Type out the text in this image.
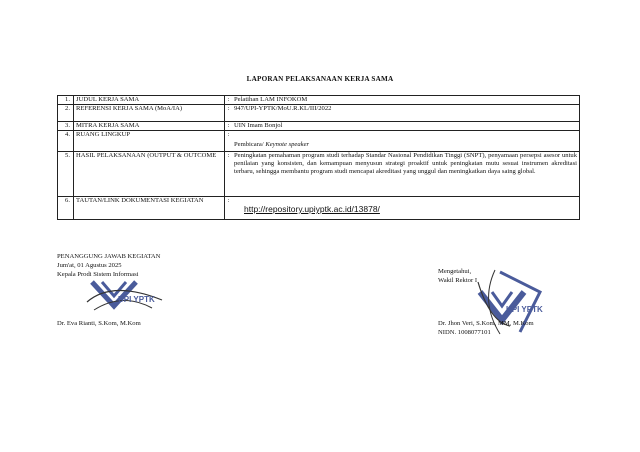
LAPORAN PELAKSANAAN KERJA SAMA
1.	JUDUL KERJA SAMA	:	Pelatihan LAM INFOKOM
2.	REFERENSI KERJA SAMA (MoA/IA)	:	947/UPI-YPTK/MoU.R.KL/III/2022
3.	MITRA KERJA SAMA	:	UIN Imam Bonjol
4.	RUANG LINGKUP	:	Pembicara/ Keynote speaker
5.	HASIL PELAKSANAAN (OUTPUT & OUTCOME	:	Peningkatan pemahaman program studi terhadap Standar Nasional Pendidikan Tinggi (SNPT), penyamaan persepsi asesor untuk penilaian yang konsisten, dan kemampuan menyusun strategi proaktif untuk peningkatan mutu sesuai instrumen akreditasi terbaru, sehingga membantu program studi mencapai akreditasi yang unggul dan meningkatkan daya saing global.
6.	TAUTAN/LINK DOKUMENTASI KEGIATAN	:	http://repository.upiyptk.ac.id/13878/
PENANGGUNG JAWAB KEGIATAN
Jum'at, 01 Agustus 2025
Kepala Prodi Sistem Informasi
UPI YPTK
Dr. Eva Rianti, S.Kom, M.Kom
Mengetahui,
Wakil Rektor I
UPI YPTK
Dr. Jhon Veri, S.Kom, MM, M.Kom
NIDN. 1008077101
